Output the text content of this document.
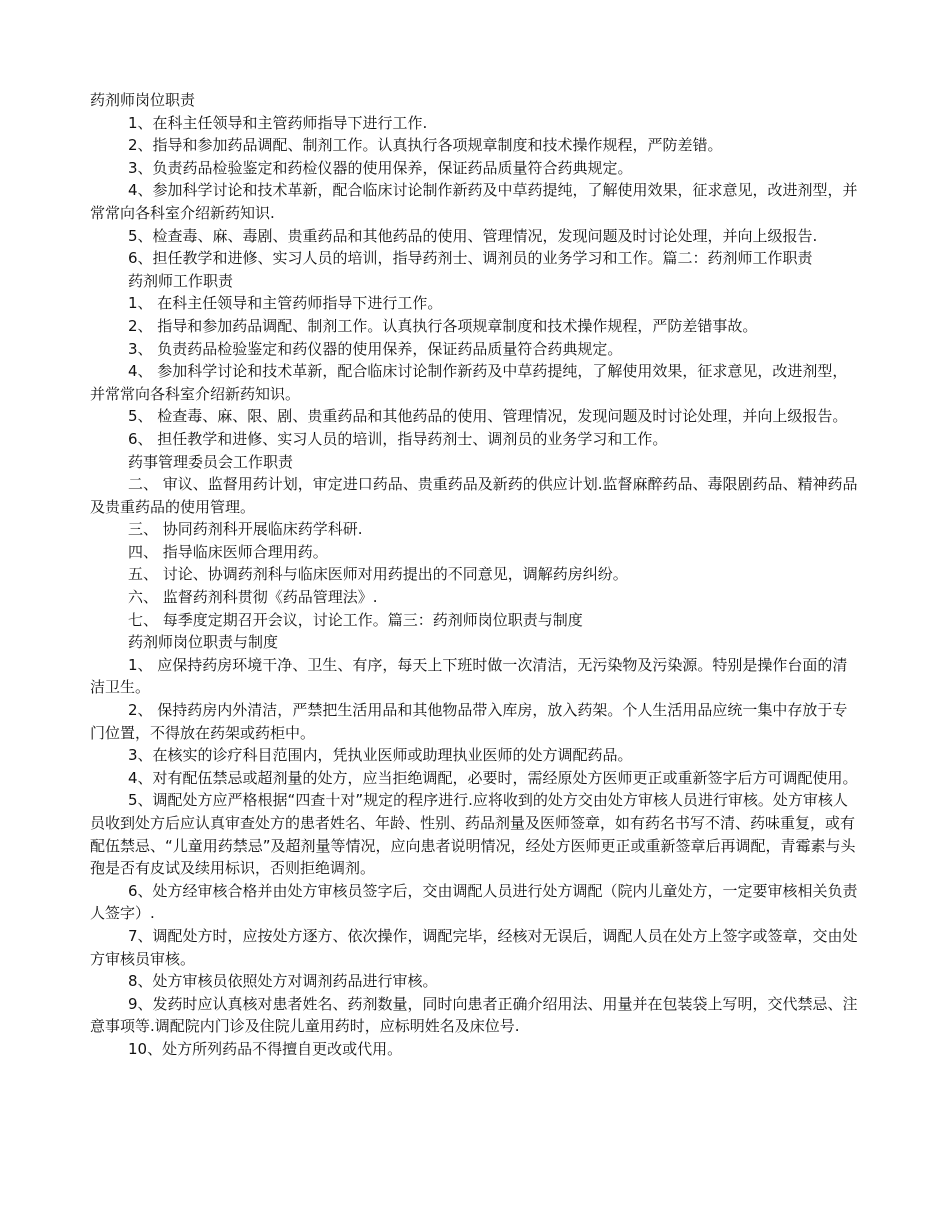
药剂师岗位职责

1、在科主任领导和主管药师指导下进行工作.

2、指导和参加药品调配、制剂工作。认真执行各项规章制度和技术操作规程，严防差错。

3、负责药品检验鉴定和药检仪器的使用保养，保证药品质量符合药典规定。

4、参加科学讨论和技术革新，配合临床讨论制作新药及中草药提纯，了解使用效果，征求意见，改进剂型，并常常向各科室介绍新药知识.

5、检查毒、麻、毒剧、贵重药品和其他药品的使用、管理情况，发现问题及时讨论处理，并向上级报告.

6、担任教学和进修、实习人员的培训，指导药剂士、调剂员的业务学习和工作。篇二：药剂师工作职责

药剂师工作职责

1、 在科主任领导和主管药师指导下进行工作。

2、 指导和参加药品调配、制剂工作。认真执行各项规章制度和技术操作规程，严防差错事故。

3、 负责药品检验鉴定和药仪器的使用保养，保证药品质量符合药典规定。

4、 参加科学讨论和技术革新，配合临床讨论制作新药及中草药提纯，了解使用效果，征求意见，改进剂型，并常常向各科室介绍新药知识。

5、 检查毒、麻、限、剧、贵重药品和其他药品的使用、管理情况，发现问题及时讨论处理，并向上级报告。

6、 担任教学和进修、实习人员的培训，指导药剂士、调剂员的业务学习和工作。

药事管理委员会工作职责

二、 审议、监督用药计划，审定进口药品、贵重药品及新药的供应计划.监督麻醉药品、毒限剧药品、精神药品及贵重药品的使用管理。

三、 协同药剂科开展临床药学科研.

四、 指导临床医师合理用药。

五、 讨论、协调药剂科与临床医师对用药提出的不同意见，调解药房纠纷。

六、 监督药剂科贯彻《药品管理法》.

七、 每季度定期召开会议，讨论工作。篇三：药剂师岗位职责与制度

药剂师岗位职责与制度

1、 应保持药房环境干净、卫生、有序，每天上下班时做一次清洁，无污染物及污染源。特别是操作台面的清洁卫生。

2、 保持药房内外清洁，严禁把生活用品和其他物品带入库房，放入药架。个人生活用品应统一集中存放于专门位置，不得放在药架或药柜中。

3、在核实的诊疗科目范围内，凭执业医师或助理执业医师的处方调配药品。

4、对有配伍禁忌或超剂量的处方，应当拒绝调配，必要时，需经原处方医师更正或重新签字后方可调配使用。

5、调配处方应严格根据“四查十对”规定的程序进行.应将收到的处方交由处方审核人员进行审核。处方审核人员收到处方后应认真审查处方的患者姓名、年龄、性别、药品剂量及医师签章，如有药名书写不清、药味重复，或有配伍禁忌、“儿童用药禁忌”及超剂量等情况，应向患者说明情况，经处方医师更正或重新签章后再调配，青霉素与头孢是否有皮试及续用标识，否则拒绝调剂。

6、处方经审核合格并由处方审核员签字后，交由调配人员进行处方调配（院内儿童处方，一定要审核相关负责人签字）.

7、调配处方时，应按处方逐方、依次操作，调配完毕，经核对无误后，调配人员在处方上签字或签章，交由处方审核员审核。

8、处方审核员依照处方对调剂药品进行审核。

9、发药时应认真核对患者姓名、药剂数量，同时向患者正确介绍用法、用量并在包装袋上写明，交代禁忌、注意事项等.调配院内门诊及住院儿童用药时，应标明姓名及床位号.

10、处方所列药品不得擅自更改或代用。
